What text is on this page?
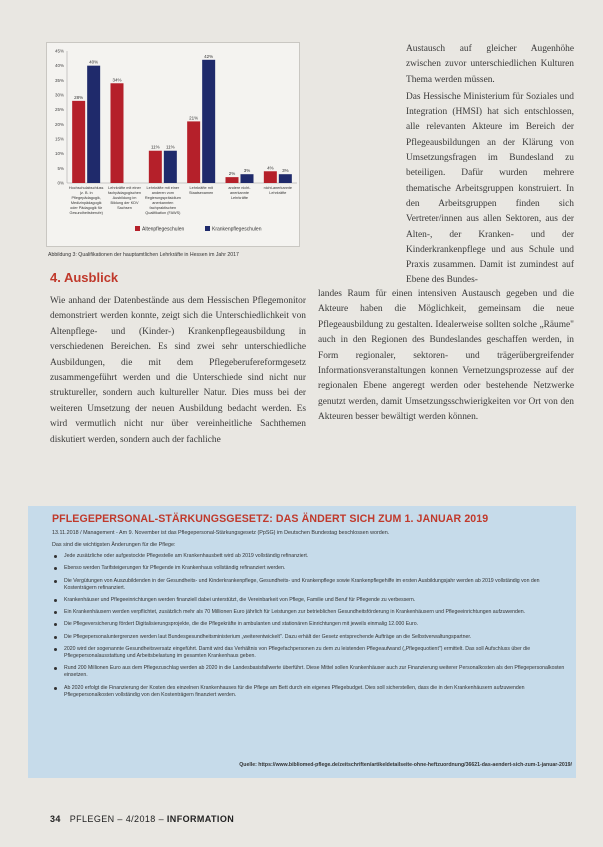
0%
5%
10%
15%
20%
25%
30%
35%
40%
45%
28%
34%
11%
21%
2%
4%
40%
11%
42%
3%	3%
Hochschulabschluss
(z. B. in
Pflegepädagogik,
Medizinpädagogik
oder Pädagogik für
Gesundheitsberufe)
Lehrkräfte mit einer
fachpädagogischen
Ausbildung im
Bildung der KDV
Sachsen
Lehrkräfte mit einer
anderen vom
Regierungspräsidium
anerkannten
fachpraktischen
Qualifikation (FAWS)
Lehrkräfte mit
Staatsexamen
andere nicht-
anerkannte
Lehrkräfte
nicht-anerkannte
Lehrkräfte
Altenpflegeschulen	Krankenpflegeschulen
Abbildung 3: Qualifikationen der hauptamtlichen Lehrkräfte in Hessen im Jahr 2017
4. Ausblick
Wie anhand der Datenbestände aus dem Hessischen Pflegemonitor demonstriert werden konnte, zeigt sich die Unterschiedlichkeit von Altenpflege- und (Kinder-) Krankenpflegeausbildung in verschiedenen Bereichen. Es sind zwei sehr unterschiedliche Ausbildungen, die mit dem Pflegeberufereformgesetz zusammengeführt werden und die Unterschiede sind nicht nur struktureller, sondern auch kultureller Natur. Dies muss bei der weiteren Umsetzung der neuen Ausbildung bedacht werden. Es wird vermutlich nicht nur über vereinheitliche Sachthemen diskutiert werden, sondern auch der fachliche

Austausch auf gleicher Augenhöhe zwischen zuvor unterschiedlichen Kulturen Thema werden müssen.

Das Hessische Ministerium für Soziales und Integration (HMSI) hat sich entschlossen, alle relevanten Akteure im Bereich der Pflegeausbildungen an der Klärung von Umsetzungsfragen im Bundesland zu beteiligen. Dafür wurden mehrere thematische Arbeitsgruppen konstruiert. In den Arbeitsgruppen finden sich Vertreter/innen aus allen Sektoren, aus der Alten-, der Kranken- und der Kinderkrankenpflege und aus Schule und Praxis zusammen. Damit ist zumindest auf Ebene des Bundes-

landes Raum für einen intensiven Austausch gegeben und die Akteure haben die Möglichkeit, gemeinsam die neue Pflegeausbildung zu gestalten. Idealerweise sollten solche „Räume" auch in den Regionen des Bundeslandes geschaffen werden, in Form regionaler, sektoren- und trägerübergreifender Informationsveranstaltungen konnen Vernetzungsprozesse auf der regionalen Ebene angeregt werden oder bestehende Netzwerke genutzt werden, damit Umsetzungsschwierigkeiten vor Ort von den Akteuren besser bewältigt werden können.
PFLEGEPERSONAL-STÄRKUNGSGESETZ: DAS ÄNDERT SICH ZUM 1. JANUAR 2019
13.11.2018 / Management - Am 9. November ist das Pflegepersonal-Stärkungsgesetz (PpSG) im Deutschen Bundestag beschlossen worden.
Das sind die wichtigsten Änderungen für die Pflege:
Jede zusätzliche oder aufgestockte Pflegestelle am Krankenhausbett wird ab 2019 vollständig refinanziert.
Ebenso werden Tarifsteigerungen für Pflegende im Krankenhaus vollständig refinanziert werden.
Die Vergütungen von Auszubildenden in der Gesundheits- und Kinderkrankenpflege, Gesundheits- und Krankenpflege sowie Krankenpflegehilfe im ersten Ausbildungsjahr werden ab 2019 vollständig von den Kostenträgern refinanziert.
Krankenhäuser und Pflegeeinrichtungen werden finanziell dabei unterstützt, die Vereinbarkeit von Pflege, Familie und Beruf für Pflegende zu verbessern.
Ein Krankenhäusern werden verpflichtet, zusätzlich mehr als 70 Millionen Euro jährlich für Leistungen zur betrieblichen Gesundheitsförderung in Krankenhäusern und Pflegeeinrichtungen aufzuwenden.
Die Pflegeversicherung fördert Digitalisierungsprojekte, die die Pflegekräfte in ambulanten und stationären Einrichtungen mit jeweils einmalig 12.000 Euro.
Die Pflegepersonaluntergrenzen werden laut Bundesgesundheitsministerium „weiterentwickelt". Dazu erhält der Gesetz entsprechende Aufträge an die Selbstverwaltungspartner.
2020 wird der sogenannte Gesundheitsversatz eingeführt. Damit wird das Verhältnis von Pflegefachpersonen zu dem zu leistenden Pflegeaufwand („Pflegequotient") ermittelt. Das soll Aufschluss über die Pflegepersonalausstattung und Arbeitsbelastung im gesamten Krankenhaus geben.
Rund 200 Millionen Euro aus dem Pflegezuschlag werden ab 2020 in die Landesbasisfallwerte überführt. Diese Mittel sollen Krankenhäuser auch zur Finanzierung weiterer Personalkosten als den Pflegepersonalkosten einsetzen.
Ab 2020 erfolgt die Finanzierung der Kosten des einzelnen Krankenhauses für die Pflege am Bett durch ein eigenes Pflegebudget. Dies soll sicherstellen, dass die in den Krankenhäusern aufzuwenden Pflegepersonalkosten vollständig von den Kostenträgern finanziert werden.
Quelle: https://www.bibliomed-pflege.de/zeitschriften/artikeldetailseite-ohne-heftzuordnung/36621-das-aendert-sich-zum-1-januar-2019/
34 PFLEGEN – 4/2018 – INFORMATION
